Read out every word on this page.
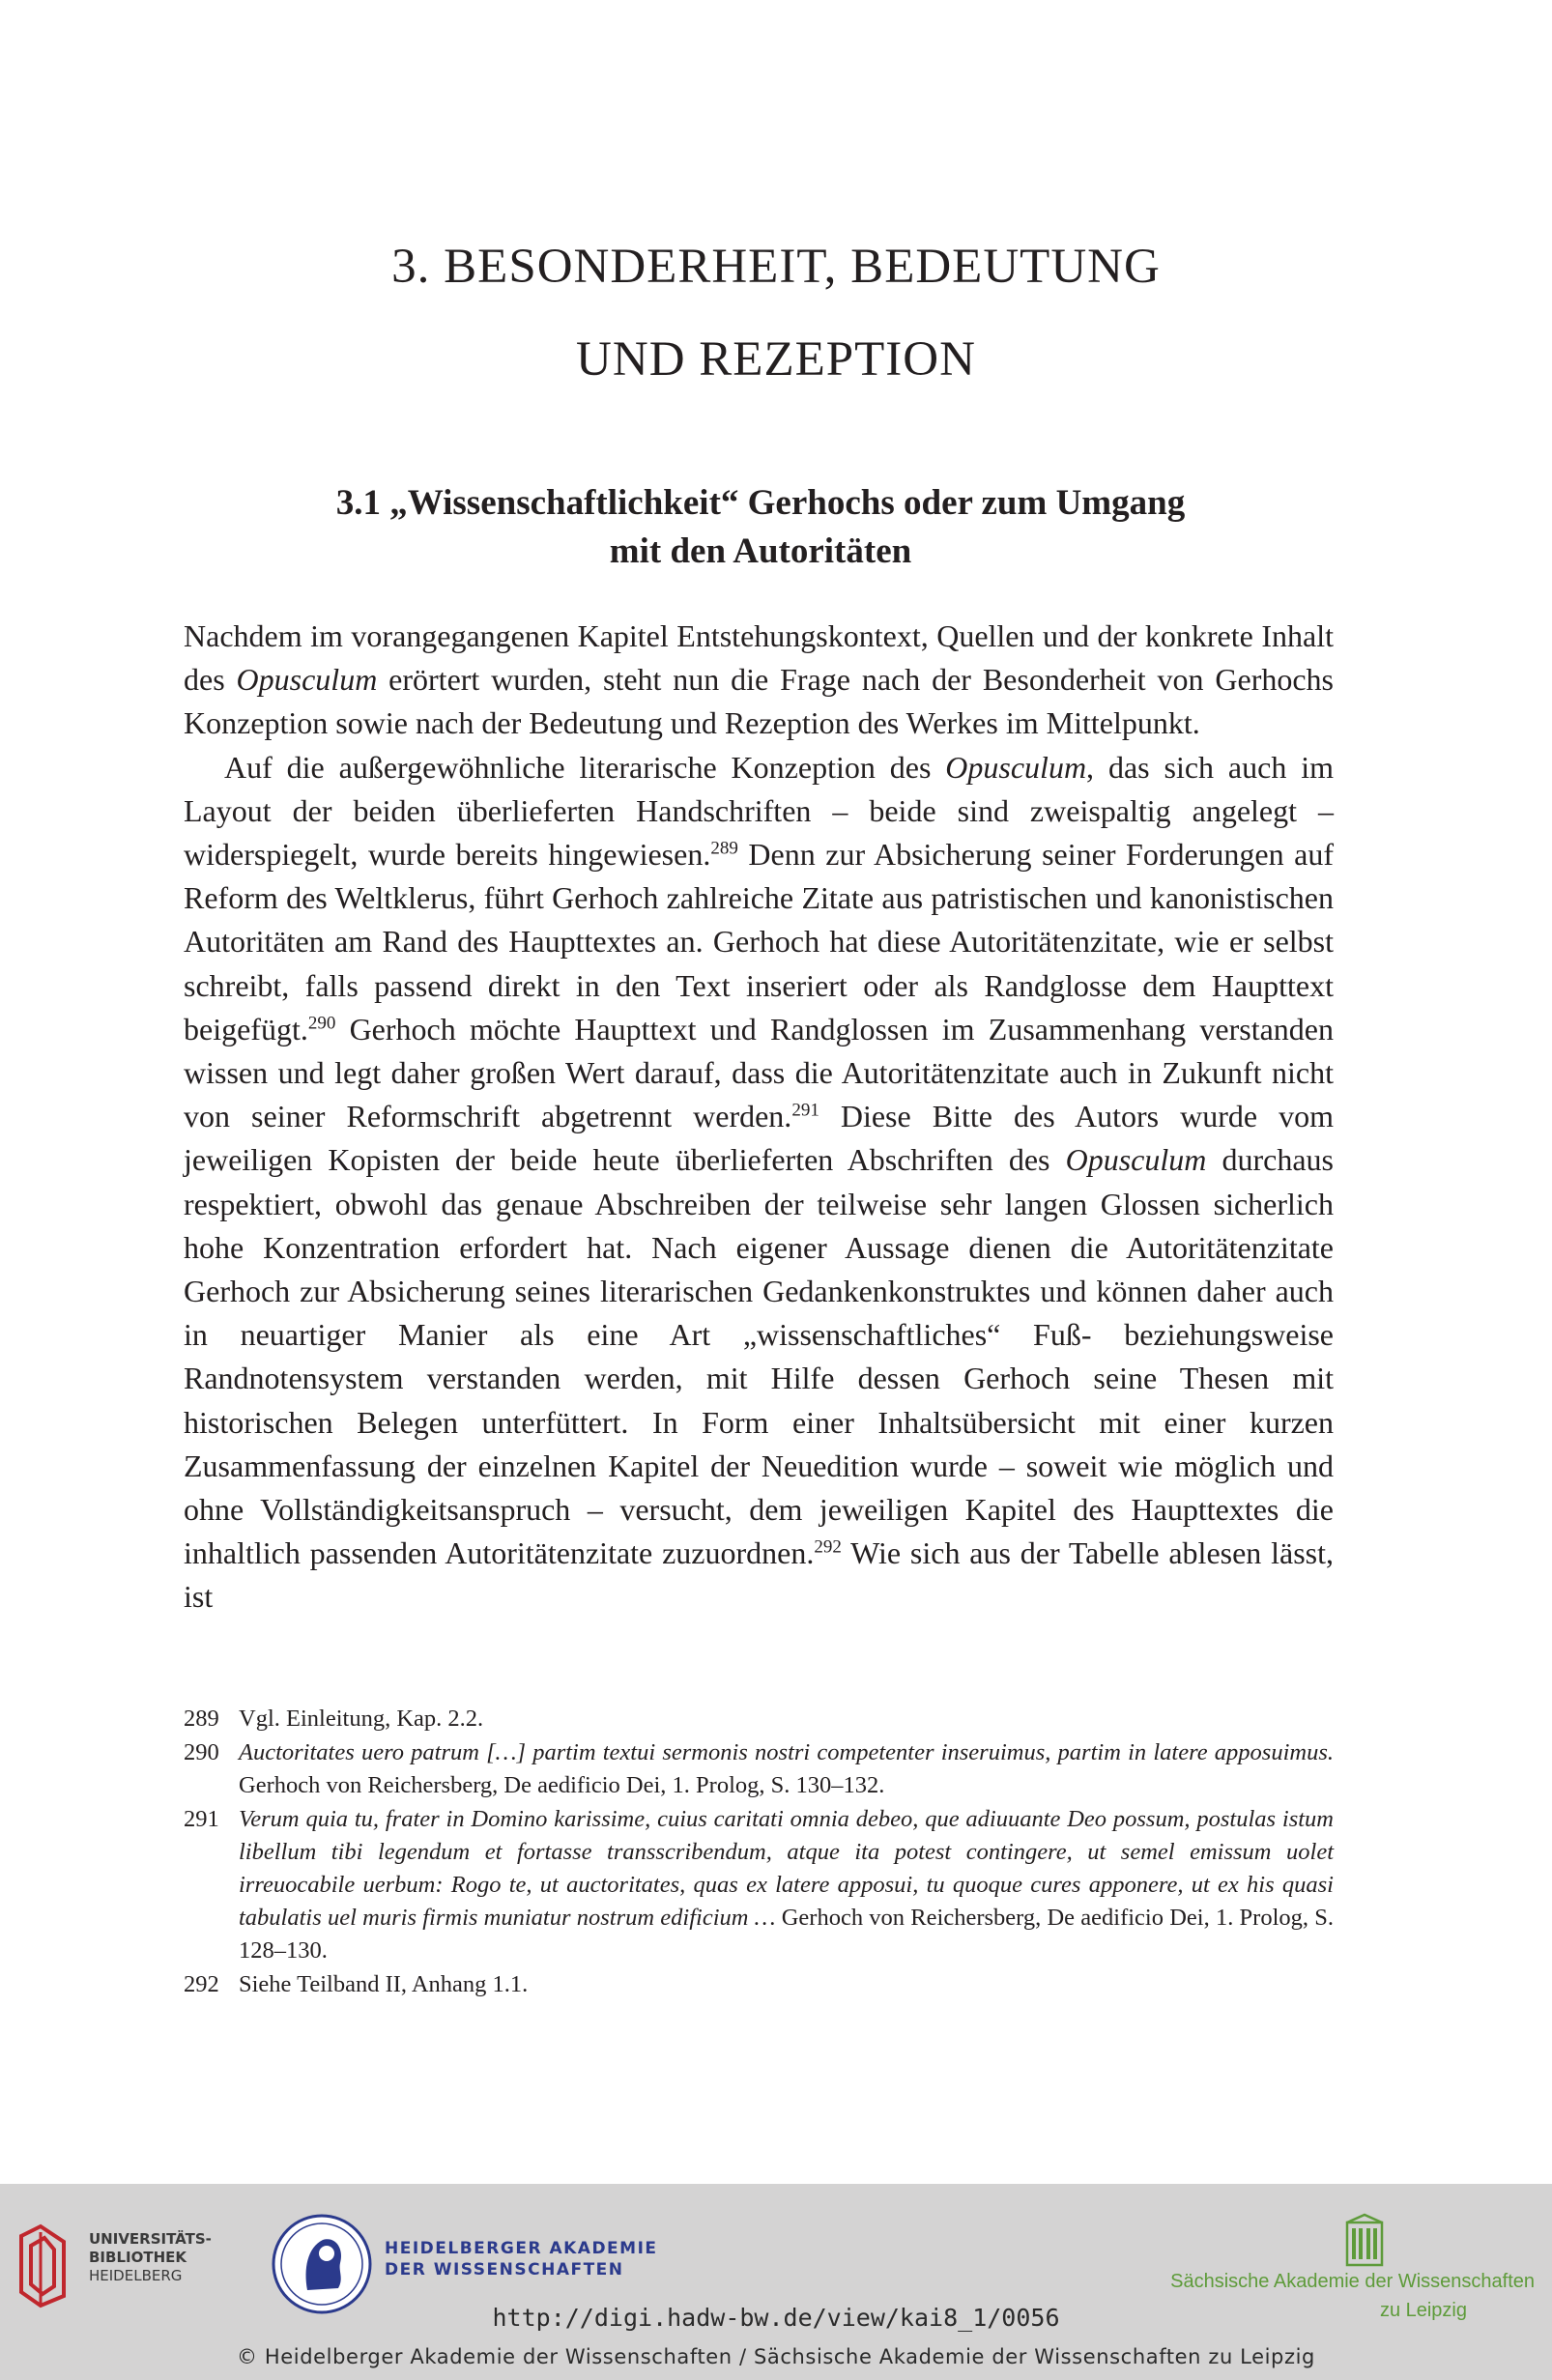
3. BESONDERHEIT, BEDEUTUNG
UND REZEPTION
3.1 „Wissenschaftlichkeit“ Gerhochs oder zum Umgang
mit den Autoritäten

Nachdem im vorangegangenen Kapitel Entstehungskontext, Quellen und der konkrete Inhalt des Opusculum erörtert wurden, steht nun die Frage nach der Besonderheit von Gerhochs Konzeption sowie nach der Bedeutung und Rezeption des Werkes im Mittelpunkt.

Auf die außergewöhnliche literarische Konzeption des Opusculum, das sich auch im Layout der beiden überlieferten Handschriften – beide sind zweispaltig angelegt – widerspiegelt, wurde bereits hingewiesen.$^{289}$ Denn zur Absicherung seiner Forderungen auf Reform des Weltklerus, führt Gerhoch zahlreiche Zitate aus patristischen und kanonistischen Autoritäten am Rand des Haupttextes an. Gerhoch hat diese Autoritätenzitate, wie er selbst schreibt, falls passend direkt in den Text inseriert oder als Randglosse dem Haupttext beigefügt.$^{290}$ Gerhoch möchte Haupttext und Randglossen im Zusammenhang verstanden wissen und legt daher großen Wert darauf, dass die Autoritätenzitate auch in Zukunft nicht von seiner Reformschrift abgetrennt werden.$^{291}$ Diese Bitte des Autors wurde vom jeweiligen Kopisten der beide heute überlieferten Abschriften des Opusculum durchaus respektiert, obwohl das genaue Abschreiben der teilweise sehr langen Glossen sicherlich hohe Konzentration erfordert hat. Nach eigener Aussage dienen die Autoritätenzitate Gerhoch zur Absicherung seines literarischen Gedankenkonstruktes und können daher auch in neuartiger Manier als eine Art „wissenschaftliches“ Fuß- beziehungsweise Randnotensystem verstanden werden, mit Hilfe dessen Gerhoch seine Thesen mit historischen Belegen unterfüttert. In Form einer Inhaltsübersicht mit einer kurzen Zusammenfassung der einzelnen Kapitel der Neuedition wurde – soweit wie möglich und ohne Vollständigkeitsanspruch – versucht, dem jeweiligen Kapitel des Haupttextes die inhaltlich passenden Autoritätenzitate zuzuordnen.$^{292}$ Wie sich aus der Tabelle ablesen lässt, ist

289 Vgl. Einleitung, Kap. 2.2.
290 Auctoritates uero patrum […] partim textui sermonis nostri competenter inseruimus, partim in latere apposuimus. Gerhoch von Reichersberg, De aedificio Dei, 1. Prolog, S. 130–132.
291 Verum quia tu, frater in Domino karissime, cuius caritati omnia debeo, que adiuuante Deo possum, postulas istum libellum tibi legendum et fortasse transscribendum, atque ita potest contingere, ut semel emissum uolet irreuocabile uerbum: Rogo te, ut auctoritates, quas ex latere apposui, tu quoque cures apponere, ut ex his quasi tabulatis uel muris firmis muniatur nostrum edificium … Gerhoch von Reichersberg, De aedificio Dei, 1. Prolog, S. 128–130.
292 Siehe Teilband II, Anhang 1.1.
UNIVERSITÄTS-
BIBLIOTHEK
HEIDELBERG
HEIDELBERGER AKADEMIE
DER WISSENSCHAFTEN
Sächsische Akademie der Wissenschaften
zu Leipzig
http://digi.hadw-bw.de/view/kai8_1/0056
© Heidelberger Akademie der Wissenschaften / Sächsische Akademie der Wissenschaften zu Leipzig
